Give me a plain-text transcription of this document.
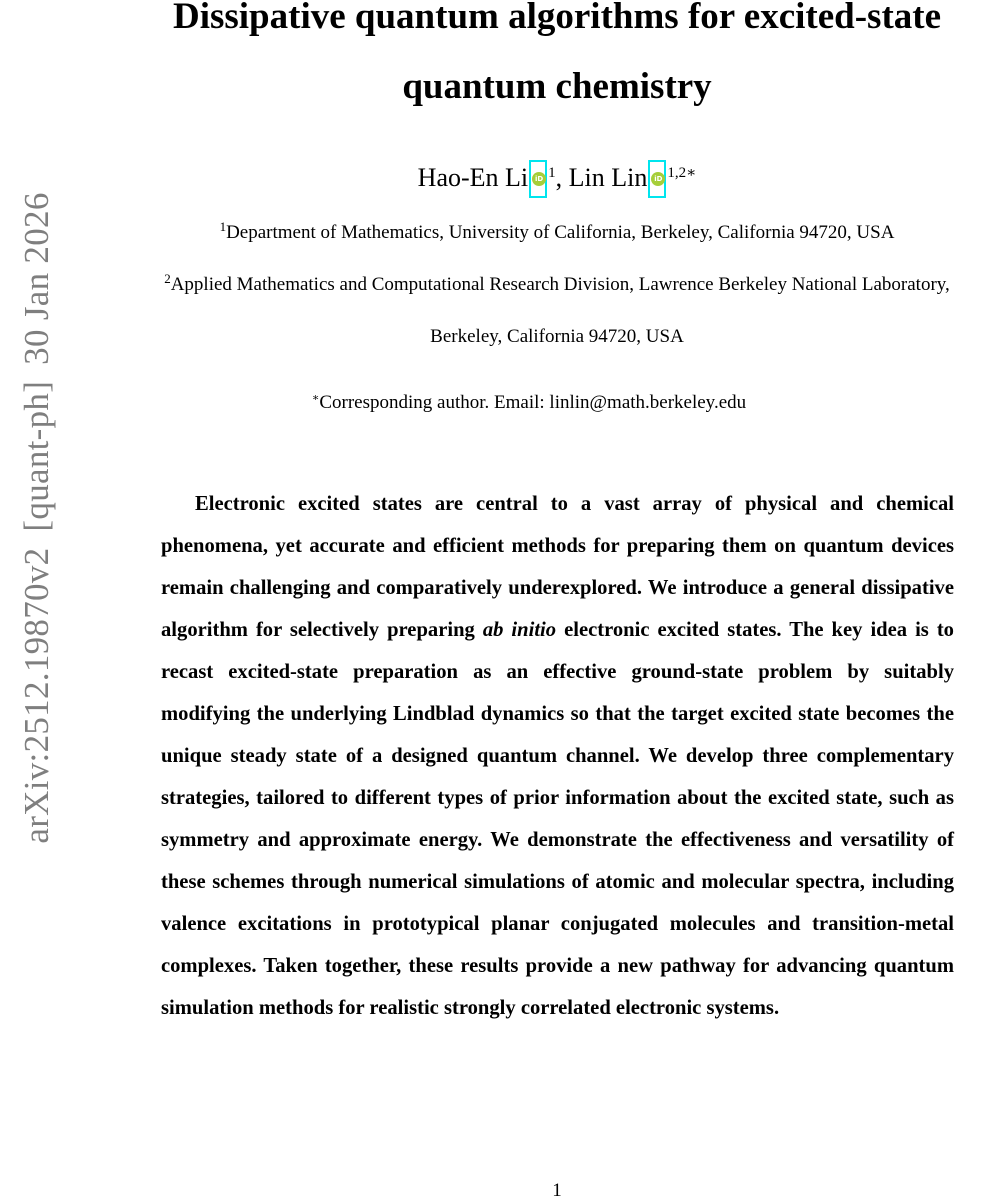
arXiv:2512.19870v2[quant-ph]30 Jan 2026
Dissipative quantum algorithms for excited-state
quantum chemistry
Hao-En Li iD $^1$, Lin Lin iD $^{1,2∗}$
$^1$Department of Mathematics, University of California, Berkeley, California 94720, USA
$^2$Applied Mathematics and Computational Research Division, Lawrence Berkeley National Laboratory,
Berkeley, California 94720, USA
∗Corresponding author. Email: linlin@math.berkeley.edu
Electronic excited states are central to a vast array of physical and chemical phenomena, yet accurate and efficient methods for preparing them on quantum devices remain challenging and comparatively underexplored. We introduce a general dissipative algorithm for selectively preparing ab initio electronic excited states. The key idea is to recast excited-state preparation as an effective ground-state problem by suitably modifying the underlying Lindblad dynamics so that the target excited state becomes the unique steady state of a designed quantum channel. We develop three complementary strategies, tailored to different types of prior information about the excited state, such as symmetry and approximate energy. We demonstrate the effectiveness and versatility of these schemes through numerical simulations of atomic and molecular spectra, including valence excitations in prototypical planar conjugated molecules and transition-metal complexes. Taken together, these results provide a new pathway for advancing quantum simulation methods for realistic strongly correlated electronic systems.
1
